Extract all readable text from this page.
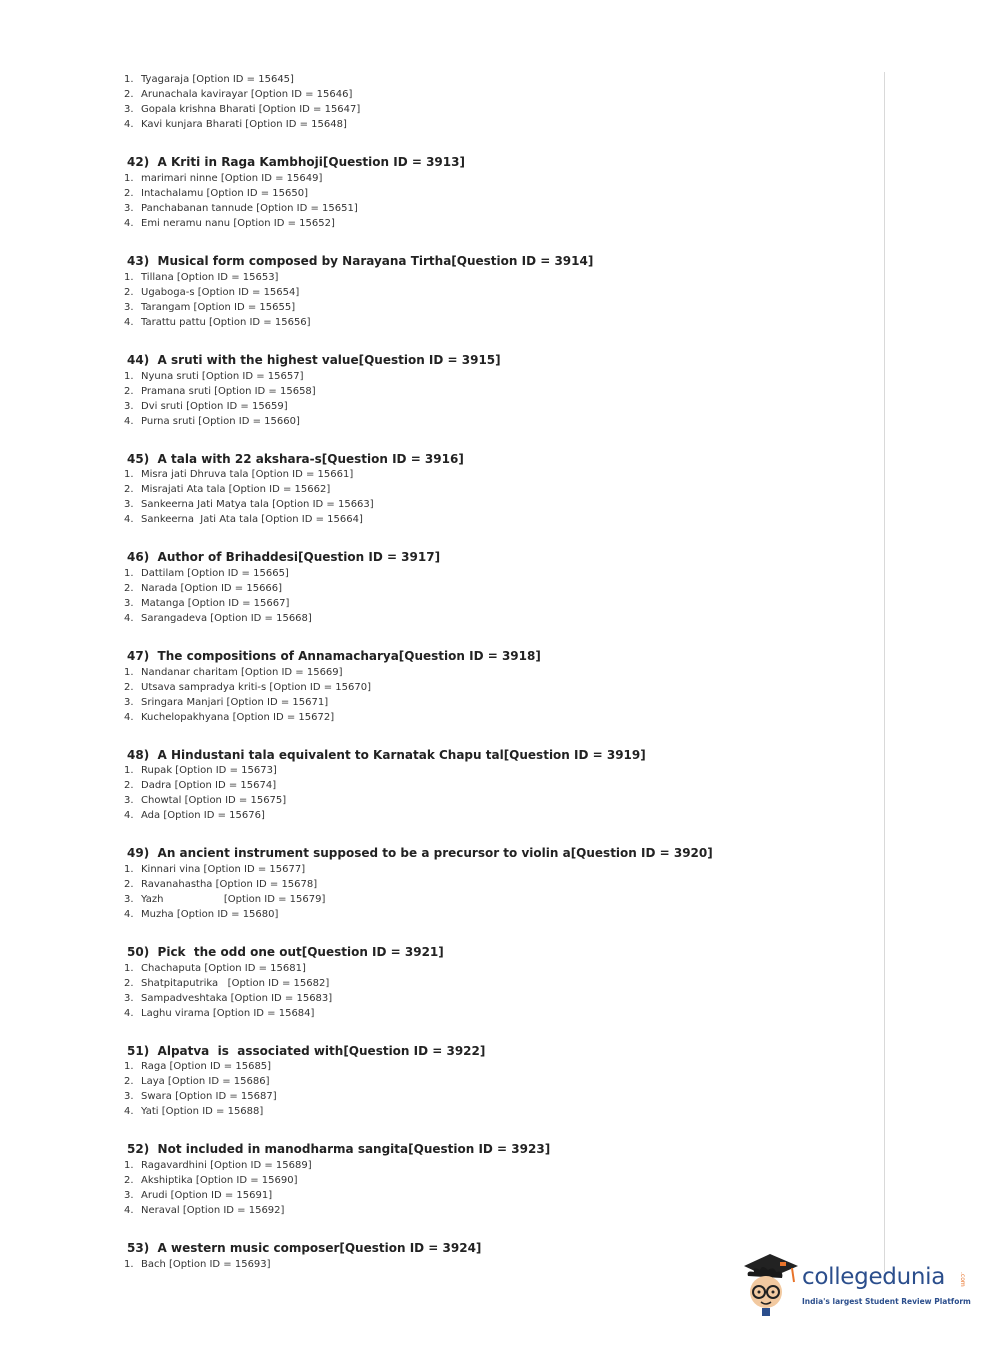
1. Tyagaraja [Option ID = 15645]
2. Arunachala kavirayar [Option ID = 15646]
3. Gopala krishna Bharati [Option ID = 15647]
4. Kavi kunjara Bharati [Option ID = 15648]
42)  A Kriti in Raga Kambhoji[Question ID = 3913]
1. marimari ninne [Option ID = 15649]
2. Intachalamu [Option ID = 15650]
3. Panchabanan tannude [Option ID = 15651]
4. Emi neramu nanu [Option ID = 15652]
43)  Musical form composed by Narayana Tirtha[Question ID = 3914]
1. Tillana [Option ID = 15653]
2. Ugaboga-s [Option ID = 15654]
3. Tarangam [Option ID = 15655]
4. Tarattu pattu [Option ID = 15656]
44)  A sruti with the highest value[Question ID = 3915]
1. Nyuna sruti [Option ID = 15657]
2. Pramana sruti [Option ID = 15658]
3. Dvi sruti [Option ID = 15659]
4. Purna sruti [Option ID = 15660]
45)  A tala with 22 akshara-s[Question ID = 3916]
1. Misra jati Dhruva tala [Option ID = 15661]
2. Misrajati Ata tala [Option ID = 15662]
3. Sankeerna Jati Matya tala [Option ID = 15663]
4. Sankeerna  Jati Ata tala [Option ID = 15664]
46)  Author of Brihaddesi[Question ID = 3917]
1. Dattilam [Option ID = 15665]
2. Narada [Option ID = 15666]
3. Matanga [Option ID = 15667]
4. Sarangadeva [Option ID = 15668]
47)  The compositions of Annamacharya[Question ID = 3918]
1. Nandanar charitam [Option ID = 15669]
2. Utsava sampradya kriti-s [Option ID = 15670]
3. Sringara Manjari [Option ID = 15671]
4. Kuchelopakhyana [Option ID = 15672]
48)  A Hindustani tala equivalent to Karnatak Chapu tal[Question ID = 3919]
1. Rupak [Option ID = 15673]
2. Dadra [Option ID = 15674]
3. Chowtal [Option ID = 15675]
4. Ada [Option ID = 15676]
49)  An ancient instrument supposed to be a precursor to violin a[Question ID = 3920]
1. Kinnari vina [Option ID = 15677]
2. Ravanahastha [Option ID = 15678]
3. Yazh                   [Option ID = 15679]
4. Muzha [Option ID = 15680]
50)  Pick  the odd one out[Question ID = 3921]
1. Chachaputa [Option ID = 15681]
2. Shatpitaputrika   [Option ID = 15682]
3. Sampadveshtaka [Option ID = 15683]
4. Laghu virama [Option ID = 15684]
51)  Alpatva  is  associated with[Question ID = 3922]
1. Raga [Option ID = 15685]
2. Laya [Option ID = 15686]
3. Swara [Option ID = 15687]
4. Yati [Option ID = 15688]
52)  Not included in manodharma sangita[Question ID = 3923]
1. Ragavardhini [Option ID = 15689]
2. Akshiptika [Option ID = 15690]
3. Arudi [Option ID = 15691]
4. Neraval [Option ID = 15692]
53)  A western music composer[Question ID = 3924]
1. Bach [Option ID = 15693]	collegedunia .com
India's largest Student Review Platform
